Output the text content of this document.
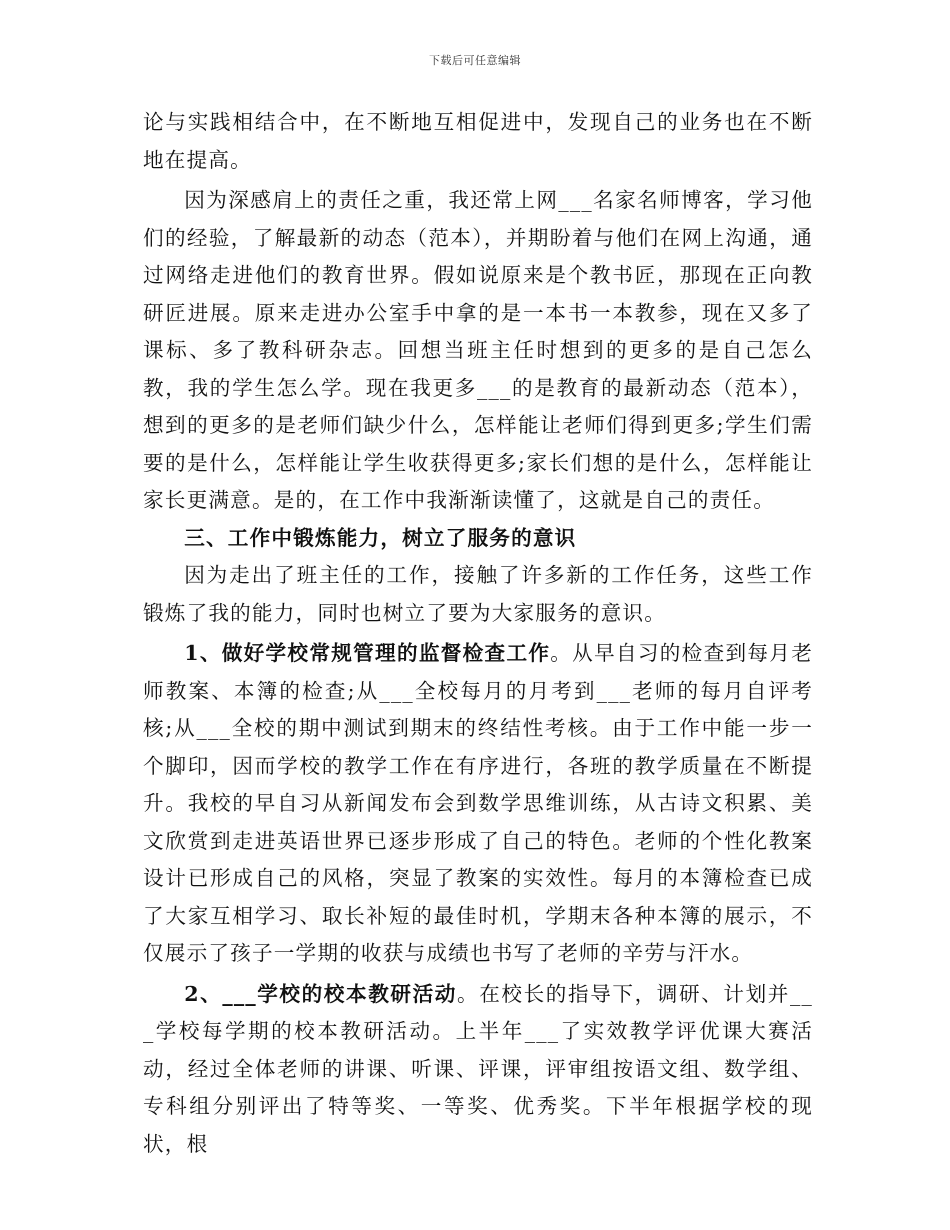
下载后可任意编辑

论与实践相结合中，在不断地互相促进中，发现自己的业务也在不断地在提高。

因为深感肩上的责任之重，我还常上网___名家名师博客，学习他们的经验，了解最新的动态（范本），并期盼着与他们在网上沟通，通过网络走进他们的教育世界。假如说原来是个教书匠，那现在正向教研匠进展。原来走进办公室手中拿的是一本书一本教参，现在又多了课标、多了教科研杂志。回想当班主任时想到的更多的是自己怎么教，我的学生怎么学。现在我更多___的是教育的最新动态（范本），想到的更多的是老师们缺少什么，怎样能让老师们得到更多;学生们需要的是什么，怎样能让学生收获得更多;家长们想的是什么，怎样能让家长更满意。是的，在工作中我渐渐读懂了，这就是自己的责任。

三、工作中锻炼能力，树立了服务的意识

因为走出了班主任的工作，接触了许多新的工作任务，这些工作锻炼了我的能力，同时也树立了要为大家服务的意识。

1、做好学校常规管理的监督检查工作。从早自习的检查到每月老师教案、本簿的检查;从___全校每月的月考到___老师的每月自评考核;从___全校的期中测试到期末的终结性考核。由于工作中能一步一个脚印，因而学校的教学工作在有序进行，各班的教学质量在不断提升。我校的早自习从新闻发布会到数学思维训练，从古诗文积累、美文欣赏到走进英语世界已逐步形成了自己的特色。老师的个性化教案设计已形成自己的风格，突显了教案的实效性。每月的本簿检查已成了大家互相学习、取长补短的最佳时机，学期末各种本簿的展示，不仅展示了孩子一学期的收获与成绩也书写了老师的辛劳与汗水。

2、___学校的校本教研活动。在校长的指导下，调研、计划并___学校每学期的校本教研活动。上半年___了实效教学评优课大赛活动，经过全体老师的讲课、听课、评课，评审组按语文组、数学组、专科组分别评出了特等奖、一等奖、优秀奖。下半年根据学校的现状，根
